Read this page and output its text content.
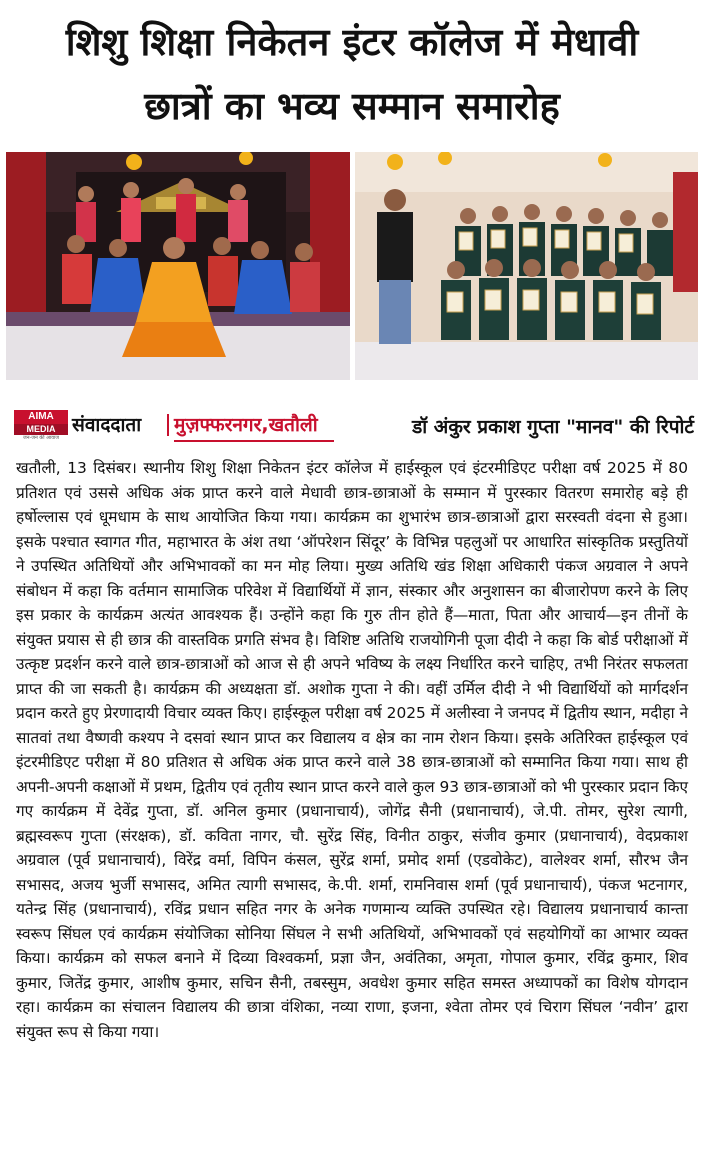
शिशु शिक्षा निकेतन इंटर कॉलेज में मेधावी
छात्रों का भव्य सम्मान समारोह
AIMA
MEDIA
जन-जन की आवाज
संवाददाता मुज़फ्फरनगर,खतौली	डॉ अंकुर प्रकाश गुप्ता "मानव" की रिपोर्ट

खतौली, 13 दिसंबर। स्थानीय शिशु शिक्षा निकेतन इंटर कॉलेज में हाईस्कूल एवं इंटरमीडिएट परीक्षा वर्ष 2025 में 80 प्रतिशत एवं उससे अधिक अंक प्राप्त करने वाले मेधावी छात्र-छात्राओं के सम्मान में पुरस्कार वितरण समारोह बड़े ही हर्षोल्लास एवं धूमधाम के साथ आयोजित किया गया। कार्यक्रम का शुभारंभ छात्र-छात्राओं द्वारा सरस्वती वंदना से हुआ। इसके पश्चात स्वागत गीत, महाभारत के अंश तथा ‘ऑपरेशन सिंदूर’ के विभिन्न पहलुओं पर आधारित सांस्कृतिक प्रस्तुतियों ने उपस्थित अतिथियों और अभिभावकों का मन मोह लिया। मुख्य अतिथि खंड शिक्षा अधिकारी पंकज अग्रवाल ने अपने संबोधन में कहा कि वर्तमान सामाजिक परिवेश में विद्यार्थियों में ज्ञान, संस्कार और अनुशासन का बीजारोपण करने के लिए इस प्रकार के कार्यक्रम अत्यंत आवश्यक हैं। उन्होंने कहा कि गुरु तीन होते हैं—माता, पिता और आचार्य—इन तीनों के संयुक्त प्रयास से ही छात्र की वास्तविक प्रगति संभव है। विशिष्ट अतिथि राजयोगिनी पूजा दीदी ने कहा कि बोर्ड परीक्षाओं में उत्कृष्ट प्रदर्शन करने वाले छात्र-छात्राओं को आज से ही अपने भविष्य के लक्ष्य निर्धारित करने चाहिए, तभी निरंतर सफलता प्राप्त की जा सकती है। कार्यक्रम की अध्यक्षता डॉ. अशोक गुप्ता ने की। वहीं उर्मिल दीदी ने भी विद्यार्थियों को मार्गदर्शन प्रदान करते हुए प्रेरणादायी विचार व्यक्त किए। हाईस्कूल परीक्षा वर्ष 2025 में अलीस्वा ने जनपद में द्वितीय स्थान, मदीहा ने सातवां तथा वैष्णवी कश्यप ने दसवां स्थान प्राप्त कर विद्यालय व क्षेत्र का नाम रोशन किया। इसके अतिरिक्त हाईस्कूल एवं इंटरमीडिएट परीक्षा में 80 प्रतिशत से अधिक अंक प्राप्त करने वाले 38 छात्र-छात्राओं को सम्मानित किया गया। साथ ही अपनी-अपनी कक्षाओं में प्रथम, द्वितीय एवं तृतीय स्थान प्राप्त करने वाले कुल 93 छात्र-छात्राओं को भी पुरस्कार प्रदान किए गए कार्यक्रम में देवेंद्र गुप्ता, डॉ. अनिल कुमार (प्रधानाचार्य), जोगेंद्र सैनी (प्रधानाचार्य), जे.पी. तोमर, सुरेश त्यागी, ब्रह्मस्वरूप गुप्ता (संरक्षक), डॉ. कविता नागर, चौ. सुरेंद्र सिंह, विनीत ठाकुर, संजीव कुमार (प्रधानाचार्य), वेदप्रकाश अग्रवाल (पूर्व प्रधानाचार्य), विरेंद्र वर्मा, विपिन कंसल, सुरेंद्र शर्मा, प्रमोद शर्मा (एडवोकेट), वालेश्वर शर्मा, सौरभ जैन सभासद, अजय भुर्जी सभासद, अमित त्यागी सभासद, के.पी. शर्मा, रामनिवास शर्मा (पूर्व प्रधानाचार्य), पंकज भटनागर, यतेन्द्र सिंह (प्रधानाचार्य), रविंद्र प्रधान सहित नगर के अनेक गणमान्य व्यक्ति उपस्थित रहे। विद्यालय प्रधानाचार्य कान्ता स्वरूप सिंघल एवं कार्यक्रम संयोजिका सोनिया सिंघल ने सभी अतिथियों, अभिभावकों एवं सहयोगियों का आभार व्यक्त किया। कार्यक्रम को सफल बनाने में दिव्या विश्वकर्मा, प्रज्ञा जैन, अवंतिका, अमृता, गोपाल कुमार, रविंद्र कुमार, शिव कुमार, जितेंद्र कुमार, आशीष कुमार, सचिन सैनी, तबस्सुम, अवधेश कुमार सहित समस्त अध्यापकों का विशेष योगदान रहा। कार्यक्रम का संचालन विद्यालय की छात्रा वंशिका, नव्या राणा, इजना, श्वेता तोमर एवं चिराग सिंघल ‘नवीन’ द्वारा संयुक्त रूप से किया गया।
